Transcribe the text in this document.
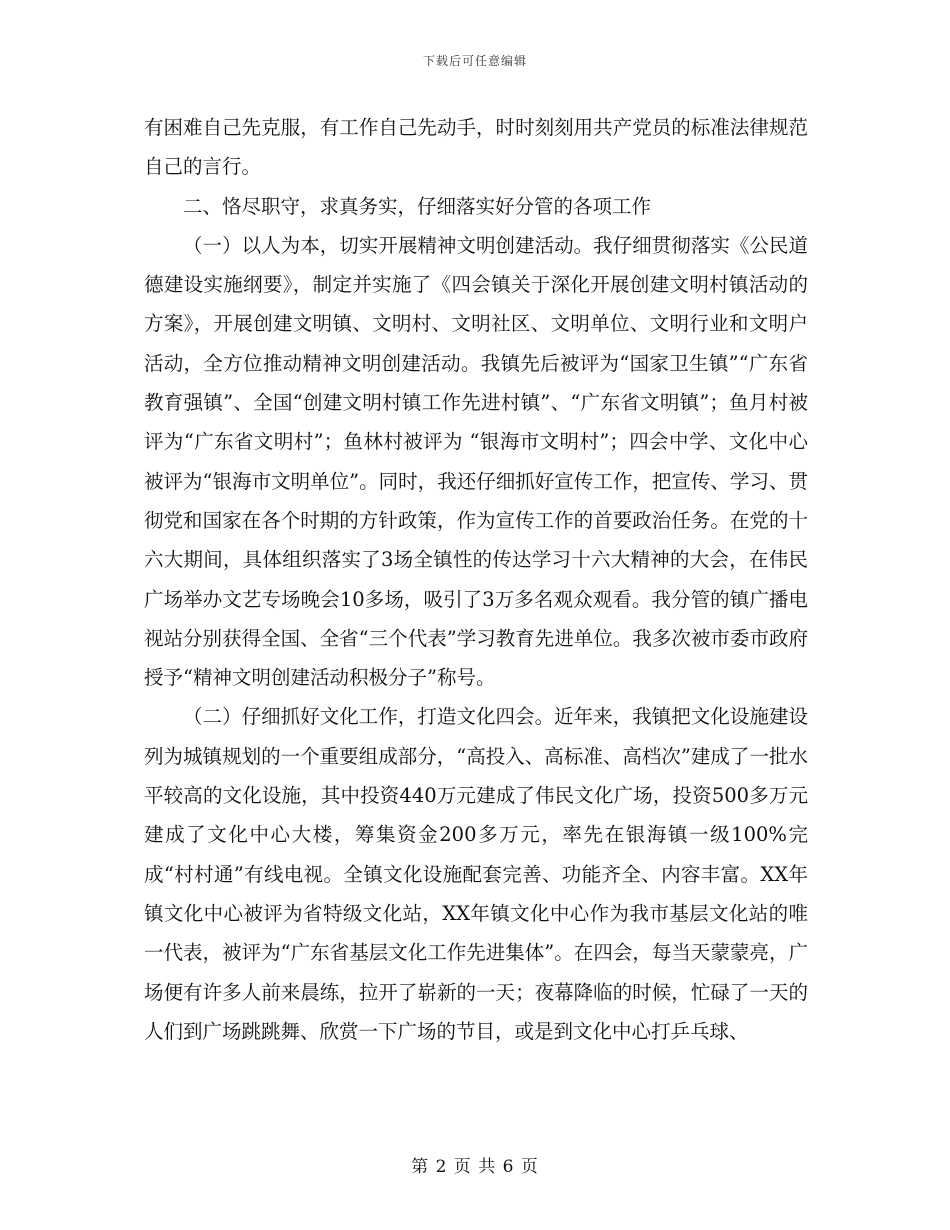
下载后可任意编辑

有困难自己先克服，有工作自己先动手，时时刻刻用共产党员的标准法律规范自己的言行。

二、恪尽职守，求真务实，仔细落实好分管的各项工作

（一）以人为本，切实开展精神文明创建活动。我仔细贯彻落实《公民道德建设实施纲要》，制定并实施了《四会镇关于深化开展创建文明村镇活动的方案》，开展创建文明镇、文明村、文明社区、文明单位、文明行业和文明户活动，全方位推动精神文明创建活动。我镇先后被评为“国家卫生镇”“广东省教育强镇”、全国“创建文明村镇工作先进村镇”、“广东省文明镇”；鱼月村被评为“广东省文明村”；鱼林村被评为 “银海市文明村”；四会中学、文化中心被评为“银海市文明单位”。同时，我还仔细抓好宣传工作，把宣传、学习、贯彻党和国家在各个时期的方针政策，作为宣传工作的首要政治任务。在党的十六大期间，具体组织落实了3场全镇性的传达学习十六大精神的大会，在伟民广场举办文艺专场晚会10多场，吸引了3万多名观众观看。我分管的镇广播电视站分别获得全国、全省“三个代表”学习教育先进单位。我多次被市委市政府授予“精神文明创建活动积极分子”称号。

（二）仔细抓好文化工作，打造文化四会。近年来，我镇把文化设施建设列为城镇规划的一个重要组成部分，“高投入、高标准、高档次”建成了一批水平较高的文化设施，其中投资440万元建成了伟民文化广场，投资500多万元建成了文化中心大楼，筹集资金200多万元，率先在银海镇一级100%完成“村村通”有线电视。全镇文化设施配套完善、功能齐全、内容丰富。XX年镇文化中心被评为省特级文化站，XX年镇文化中心作为我市基层文化站的唯一代表，被评为“广东省基层文化工作先进集体”。在四会，每当天蒙蒙亮，广场便有许多人前来晨练，拉开了崭新的一天；夜幕降临的时候，忙碌了一天的人们到广场跳跳舞、欣赏一下广场的节目，或是到文化中心打乒乓球、

第 2 页 共 6 页
